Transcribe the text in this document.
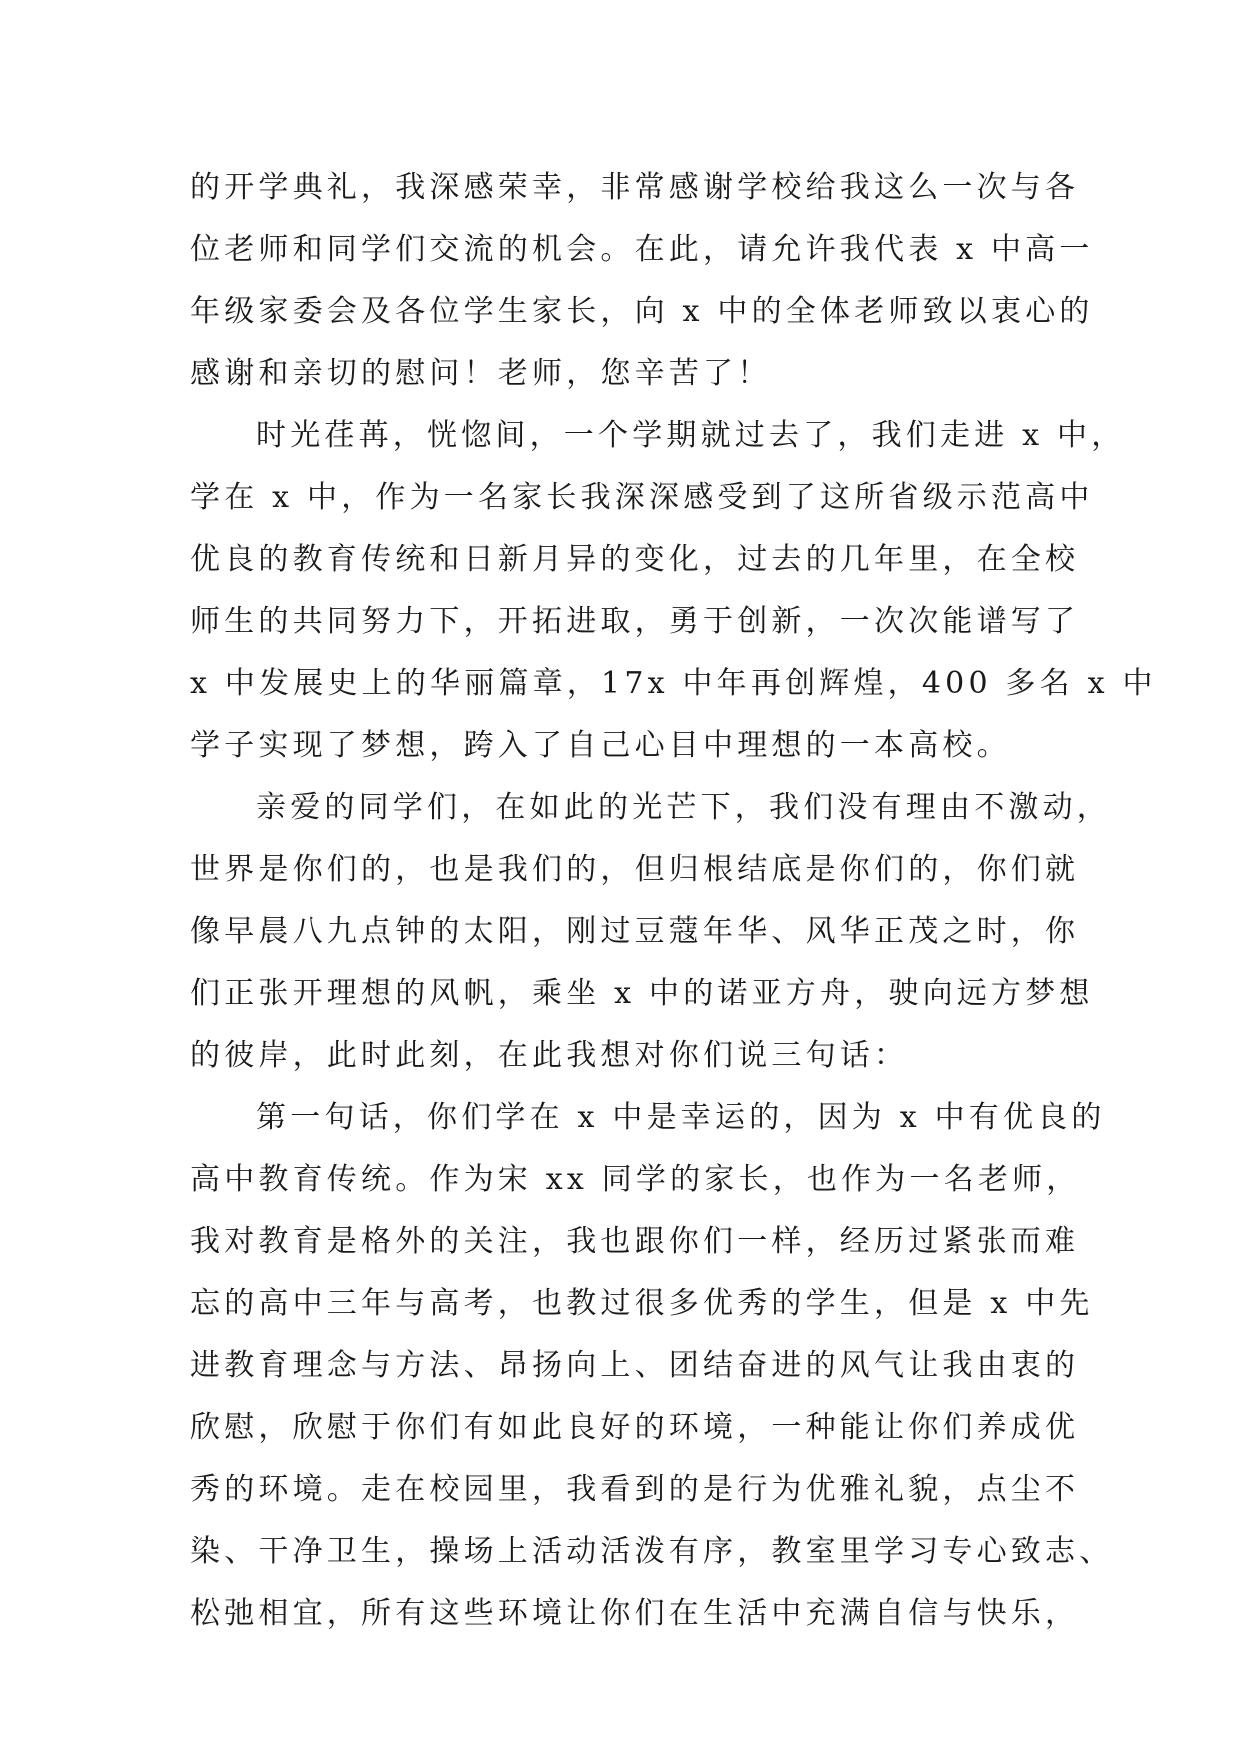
的开学典礼，我深感荣幸，非常感谢学校给我这么一次与各
位老师和同学们交流的机会。在此，请允许我代表 x 中高一
年级家委会及各位学生家长，向 x 中的全体老师致以衷心的
感谢和亲切的慰问！老师，您辛苦了！
时光荏苒，恍惚间，一个学期就过去了，我们走进 x 中，
学在 x 中，作为一名家长我深深感受到了这所省级示范高中
优良的教育传统和日新月异的变化，过去的几年里，在全校
师生的共同努力下，开拓进取，勇于创新，一次次能谱写了
x 中发展史上的华丽篇章，17x 中年再创辉煌，400 多名 x 中
学子实现了梦想，跨入了自己心目中理想的一本高校。
亲爱的同学们，在如此的光芒下，我们没有理由不激动，
世界是你们的，也是我们的，但归根结底是你们的，你们就
像早晨八九点钟的太阳，刚过豆蔻年华、风华正茂之时，你
们正张开理想的风帆，乘坐 x 中的诺亚方舟，驶向远方梦想
的彼岸，此时此刻，在此我想对你们说三句话：
第一句话，你们学在 x 中是幸运的，因为 x 中有优良的
高中教育传统。作为宋 xx 同学的家长，也作为一名老师，
我对教育是格外的关注，我也跟你们一样，经历过紧张而难
忘的高中三年与高考，也教过很多优秀的学生，但是 x 中先
进教育理念与方法、昂扬向上、团结奋进的风气让我由衷的
欣慰，欣慰于你们有如此良好的环境，一种能让你们养成优
秀的环境。走在校园里，我看到的是行为优雅礼貌，点尘不
染、干净卫生，操场上活动活泼有序，教室里学习专心致志、
松弛相宜，所有这些环境让你们在生活中充满自信与快乐，
